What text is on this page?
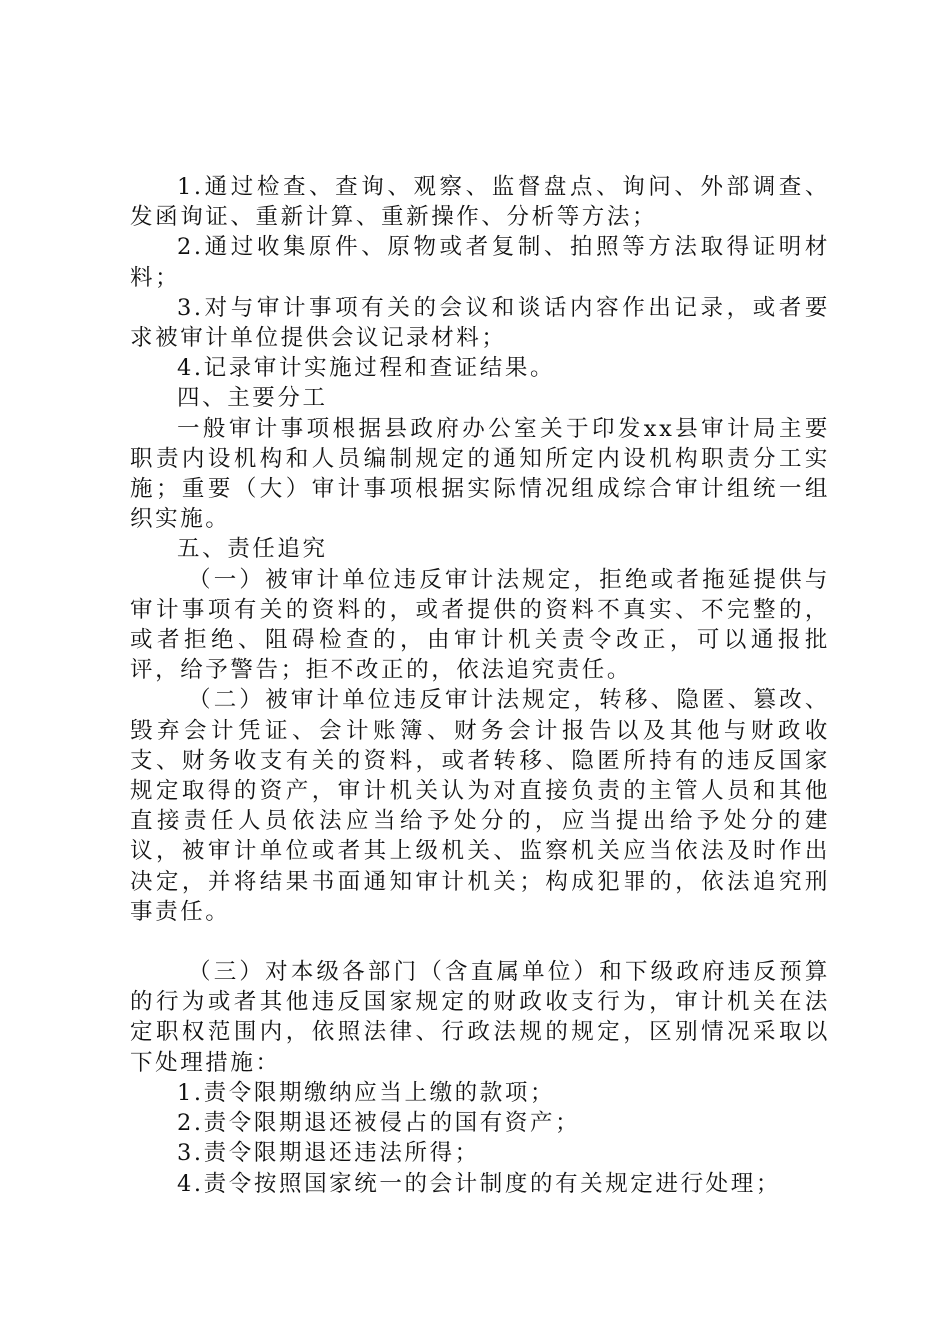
1.通过检查、查询、观察、监督盘点、询问、外部调查、发函询证、重新计算、重新操作、分析等方法；

2.通过收集原件、原物或者复制、拍照等方法取得证明材料；

3.对与审计事项有关的会议和谈话内容作出记录，或者要求被审计单位提供会议记录材料；

4.记录审计实施过程和查证结果。

四、主要分工

一般审计事项根据县政府办公室关于印发xx县审计局主要职责内设机构和人员编制规定的通知所定内设机构职责分工实施；重要（大）审计事项根据实际情况组成综合审计组统一组织实施。

五、责任追究

（一）被审计单位违反审计法规定，拒绝或者拖延提供与审计事项有关的资料的，或者提供的资料不真实、不完整的，或者拒绝、阻碍检查的，由审计机关责令改正，可以通报批评，给予警告；拒不改正的，依法追究责任。

（二）被审计单位违反审计法规定，转移、隐匿、篡改、毁弃会计凭证、会计账簿、财务会计报告以及其他与财政收支、财务收支有关的资料，或者转移、隐匿所持有的违反国家规定取得的资产，审计机关认为对直接负责的主管人员和其他直接责任人员依法应当给予处分的，应当提出给予处分的建议，被审计单位或者其上级机关、监察机关应当依法及时作出决定，并将结果书面通知审计机关；构成犯罪的，依法追究刑事责任。

（三）对本级各部门（含直属单位）和下级政府违反预算的行为或者其他违反国家规定的财政收支行为，审计机关在法定职权范围内，依照法律、行政法规的规定，区别情况采取以下处理措施：

1.责令限期缴纳应当上缴的款项；

2.责令限期退还被侵占的国有资产；

3.责令限期退还违法所得；

4.责令按照国家统一的会计制度的有关规定进行处理；
